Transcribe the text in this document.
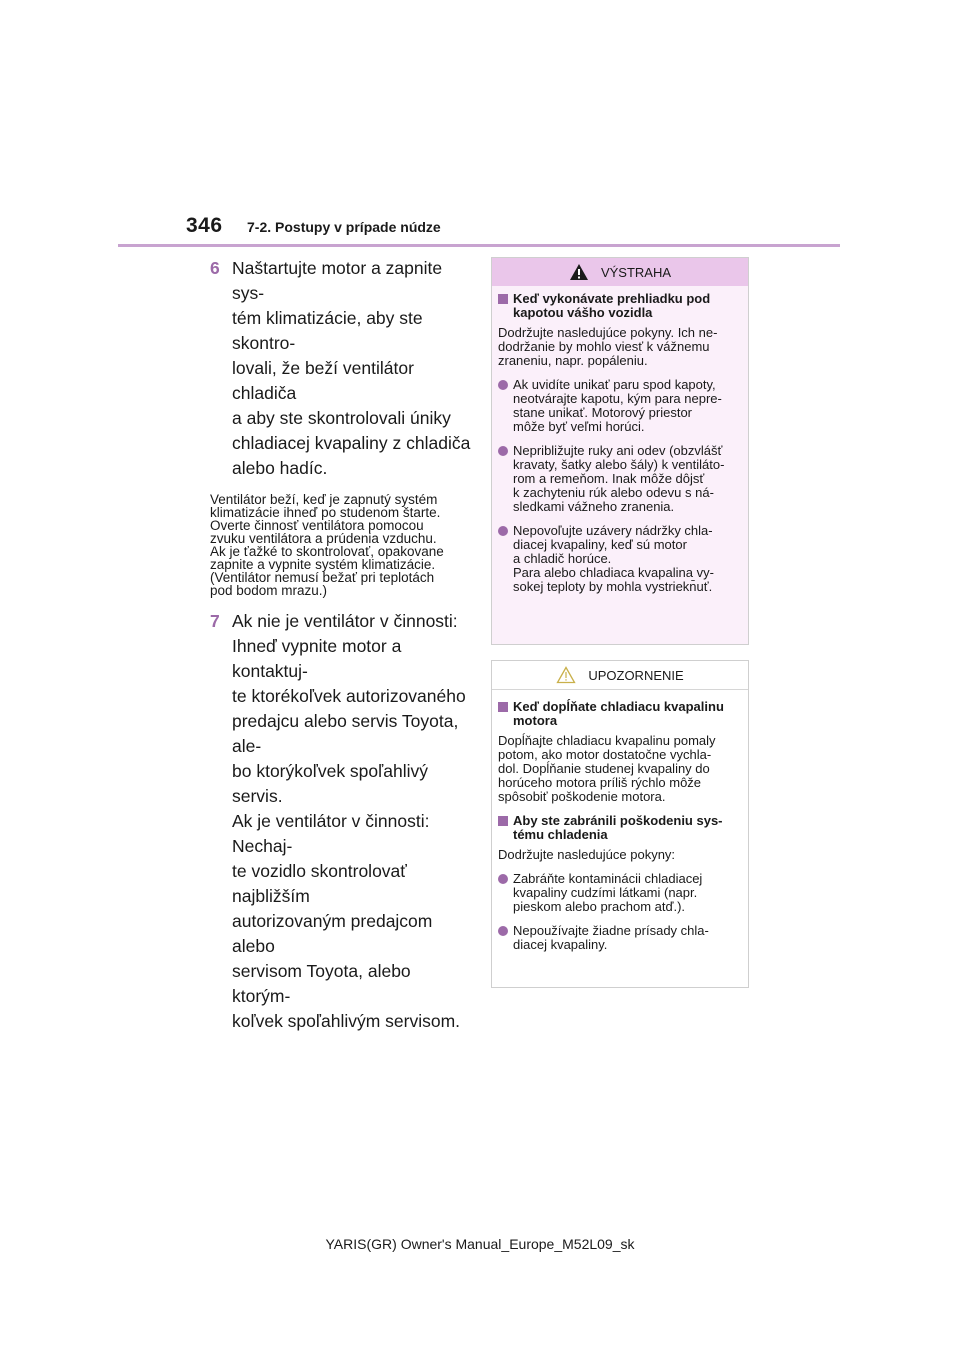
346 7-2. Postupy v prípade núdze
6 Naštartujte motor a zapnite sys-
tém klimatizácie, aby ste skontro-
lovali, že beží ventilátor chladiča
a aby ste skontrolovali úniky
chladiacej kvapaliny z chladiča
alebo hadíc.
Ventilátor beží, keď je zapnutý systém
klimatizácie ihneď po studenom štarte.
Overte činnosť ventilátora pomocou
zvuku ventilátora a prúdenia vzduchu.
Ak je ťažké to skontrolovať, opakovane
zapnite a vypnite systém klimatizácie.
(Ventilátor nemusí bežať pri teplotách
pod bodom mrazu.)
7 Ak nie je ventilátor v činnosti:
Ihneď vypnite motor a kontaktuj-
te ktorékoľvek autorizovaného
predajcu alebo servis Toyota, ale-
bo ktorýkoľvek spoľahlivý servis.
Ak je ventilátor v činnosti: Nechaj-
te vozidlo skontrolovať najbližším
autorizovaným predajcom alebo
servisom Toyota, alebo ktorým-
koľvek spoľahlivým servisom.
VÝSTRAHA
Keď vykonávate prehliadku pod
kapotou vášho vozidla
Dodržujte nasledujúce pokyny. Ich ne-
dodržanie by mohlo viesť k vážnemu
zraneniu, napr. popáleniu.
Ak uvidíte unikať paru spod kapoty,
neotvárajte kapotu, kým para nepre-
stane unikať. Motorový priestor
môže byť veľmi horúci.
Nepribližujte ruky ani odev (obzvlášť
kravaty, šatky alebo šály) k ventiláto-
rom a remeňom. Inak môže dôjsť
k zachyteniu rúk alebo odevu s ná-
sledkami vážneho zranenia.
Nepovoľujte uzávery nádržky chla-
diacej kvapaliny, keď sú motor
a chladič horúce.
Para alebo chladiaca kvapalina vy-
sokej teploty by mohla vystriekn̄uť.
UPOZORNENIE
Keď dopĺňate chladiacu kvapalinu
motora
Dopĺňajte chladiacu kvapalinu pomaly
potom, ako motor dostatočne vychla-
dol. Dopĺňanie studenej kvapaliny do
horúceho motora príliš rýchlo môže
spôsobiť poškodenie motora.
Aby ste zabránili poškodeniu sys-
tému chladenia
Dodržujte nasledujúce pokyny:
Zabráňte kontaminácii chladiacej
kvapaliny cudzími látkami (napr.
pieskom alebo prachom atď.).
Nepoužívajte žiadne prísady chla-
diacej kvapaliny.
YARIS(GR) Owner's Manual_Europe_M52L09_sk
